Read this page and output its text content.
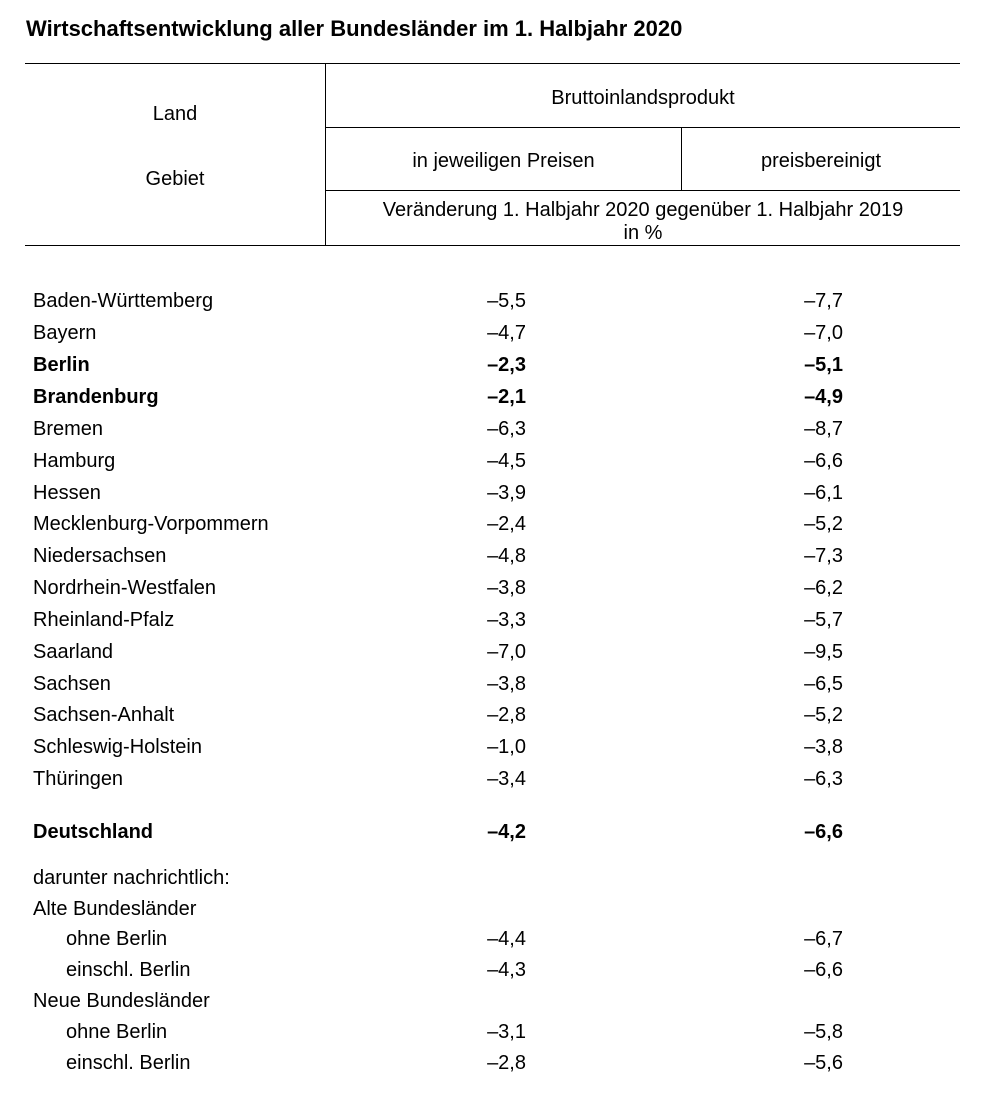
Wirtschaftsentwicklung aller Bundesländer im 1. Halbjahr 2020
Land
Gebiet
Bruttoinlandsprodukt
in jeweiligen Preisen	preisbereinigt
Veränderung 1. Halbjahr 2020 gegenüber 1. Halbjahr 2019
in %
Baden-Württemberg	–5,5	–7,7
Bayern	–4,7	–7,0
Berlin	–2,3	–5,1
Brandenburg	–2,1	–4,9
Bremen	–6,3	–8,7
Hamburg	–4,5	–6,6
Hessen	–3,9	–6,1
Mecklenburg-Vorpommern	–2,4	–5,2
Niedersachsen	–4,8	–7,3
Nordrhein-Westfalen	–3,8	–6,2
Rheinland-Pfalz	–3,3	–5,7
Saarland	–7,0	–9,5
Sachsen	–3,8	–6,5
Sachsen-Anhalt	–2,8	–5,2
Schleswig-Holstein	–1,0	–3,8
Thüringen	–3,4	–6,3
Deutschland	–4,2	–6,6
darunter nachrichtlich:
Alte Bundesländer
ohne Berlin	–4,4	–6,7
einschl. Berlin	–4,3	–6,6
Neue Bundesländer
ohne Berlin	–3,1	–5,8
einschl. Berlin	–2,8	–5,6
